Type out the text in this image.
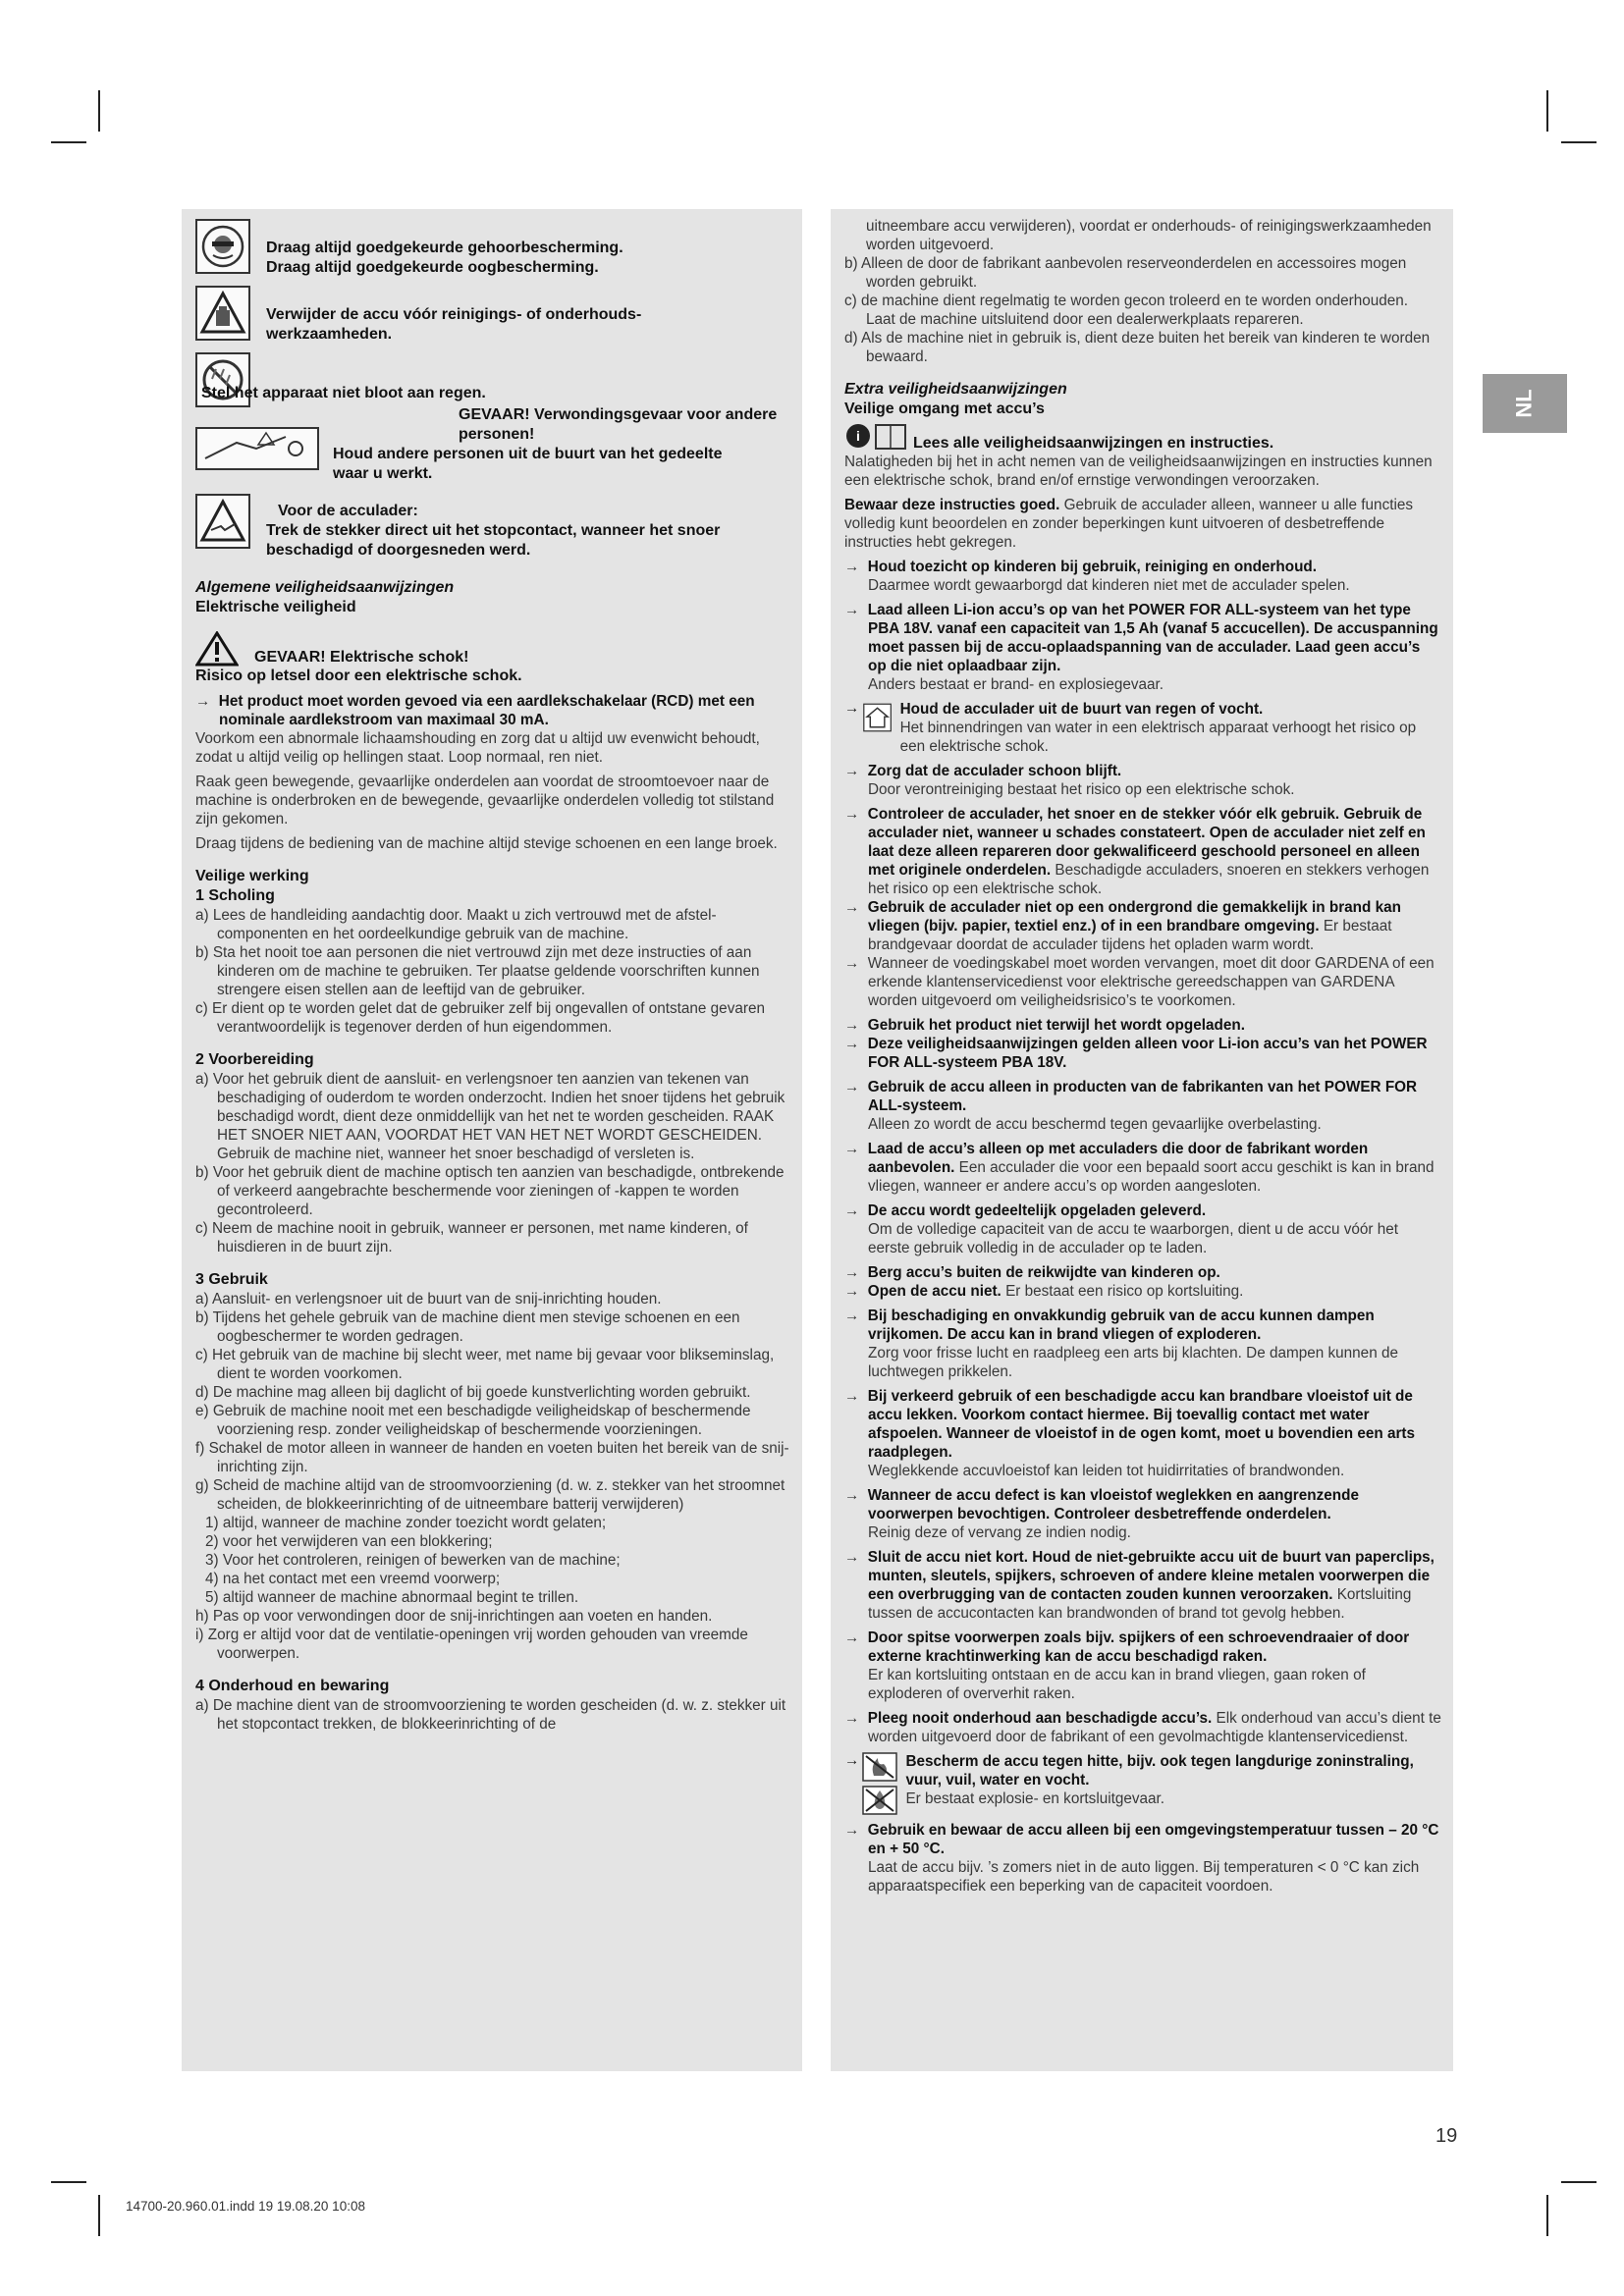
NL
Draag altijd goedgekeurde gehoorbescherming.
Draag altijd goedgekeurde oogbescherming.
Verwijder de accu vóór reinigings- of onderhouds-
werkzaamheden.
Stel het apparaat niet bloot aan regen.
GEVAAR! Verwondingsgevaar voor andere personen!
Houd andere personen uit de buurt van het gedeelte
waar u werkt.
Voor de acculader:
Trek de stekker direct uit het stopcontact, wanneer het snoer
beschadigd of doorgesneden werd.

Algemene veiligheidsaanwijzingen

Elektrische veiligheid

GEVAAR! Elektrische schok!

Risico op letsel door een elektrische schok.

→  Het product moet worden gevoed via een aardlekschakelaar (RCD) met een nominale aardlekstroom van maximaal 30 mA.

Voorkom een abnormale lichaamshouding en zorg dat u altijd uw evenwicht behoudt, zodat u altijd veilig op hellingen staat. Loop normaal, ren niet.

Raak geen bewegende, gevaarlijke onderdelen aan voordat de stroomtoevoer naar de machine is onderbroken en de bewegende, gevaarlijke onderdelen volledig tot stilstand zijn gekomen.

Draag tijdens de bediening van de machine altijd stevige schoenen en een lange broek.

Veilige werking

1 Scholing

a) Lees de handleiding aandachtig door. Maakt u zich vertrouwd met de afstelcomponenten en het oordeelkundige gebruik van de machine.

b) Sta het nooit toe aan personen die niet vertrouwd zijn met deze instructies of aan kinderen om de machine te gebruiken. Ter plaatse geldende voorschriften kunnen strengere eisen stellen aan de leeftijd van de gebruiker.

c) Er dient op te worden gelet dat de gebruiker zelf bij ongevallen of ontstane gevaren verantwoordelijk is tegenover derden of hun eigendommen.

2 Voorbereiding

a) Voor het gebruik dient de aansluit- en verlengsnoer ten aanzien van tekenen van beschadiging of ouderdom te worden onderzocht. Indien het snoer tijdens het gebruik beschadigd wordt, dient deze onmiddellijk van het net te worden gescheiden. RAAK HET SNOER NIET AAN, VOORDAT HET VAN HET NET WORDT GESCHEIDEN. Gebruik de machine niet, wanneer het snoer beschadigd of versleten is.

b) Voor het gebruik dient de machine optisch ten aanzien van beschadigde, ontbrekende of verkeerd aangebrachte beschermende voor zieningen of -kappen te worden gecontroleerd.

c) Neem de machine nooit in gebruik, wanneer er personen, met name kinderen, of huisdieren in de buurt zijn.

3 Gebruik

a) Aansluit- en verlengsnoer uit de buurt van de snij-inrichting houden.

b) Tijdens het gehele gebruik van de machine dient men stevige schoenen en een oogbeschermer te worden gedragen.

c) Het gebruik van de machine bij slecht weer, met name bij gevaar voor blikseminslag, dient te worden voorkomen.

d) De machine mag alleen bij daglicht of bij goede kunstverlichting worden gebruikt.

e) Gebruik de machine nooit met een beschadigde veiligheidskap of beschermende voorziening resp. zonder veiligheidskap of beschermende voorzieningen.

f) Schakel de motor alleen in wanneer de handen en voeten buiten het bereik van de snij-inrichting zijn.

g) Scheid de machine altijd van de stroomvoorziening (d. w. z. stekker van het stroomnet scheiden, de blokkeerinrichting of de uitneembare batterij verwijderen)

1) altijd, wanneer de machine zonder toezicht wordt gelaten;

2) voor het verwijderen van een blokkering;

3) Voor het controleren, reinigen of bewerken van de machine;

4) na het contact met een vreemd voorwerp;

5) altijd wanneer de machine abnormaal begint te trillen.

h) Pas op voor verwondingen door de snij-inrichtingen aan voeten en handen.

i) Zorg er altijd voor dat de ventilatie-openingen vrij worden gehouden van vreemde voorwerpen.

4 Onderhoud en bewaring

a) De machine dient van de stroomvoorziening te worden gescheiden (d. w. z. stekker uit het stopcontact trekken, de blokkeerinrichting of de

uitneembare accu verwijderen), voordat er onderhouds- of reinigingswerkzaamheden worden uitgevoerd.

b) Alleen de door de fabrikant aanbevolen reserveonderdelen en accessoires mogen worden gebruikt.

c) de machine dient regelmatig te worden gecon troleerd en te worden onderhouden. Laat de machine uitsluitend door een dealerwerkplaats repareren.

d) Als de machine niet in gebruik is, dient deze buiten het bereik van kinderen te worden bewaard.

Extra veiligheidsaanwijzingen

Veilige omgang met accu’s

i	Lees alle veiligheidsaanwijzingen en instructies.

Nalatigheden bij het in acht nemen van de veiligheidsaanwijzingen en instructies kunnen een elektrische schok, brand en/of ernstige verwondingen veroorzaken.

Bewaar deze instructies goed. Gebruik de acculader alleen, wanneer u alle functies volledig kunt beoordelen en zonder beperkingen kunt uitvoeren of desbetreffende instructies hebt gekregen.

→  Houd toezicht op kinderen bij gebruik, reiniging en onderhoud.
Daarmee wordt gewaarborgd dat kinderen niet met de acculader spelen.

→  Laad alleen Li-ion accu’s op van het POWER FOR ALL-systeem van het type PBA 18V. vanaf een capaciteit van 1,5 Ah (vanaf 5 accucellen). De accuspanning moet passen bij de accu-oplaadspanning van de acculader. Laad geen accu’s op die niet oplaadbaar zijn.
Anders bestaat er brand- en explosiegevaar.

→	Houd de acculader uit de buurt van regen of vocht.

Het binnendringen van water in een elektrisch apparaat verhoogt het risico op een elektrische schok.

→  Zorg dat de acculader schoon blijft.
Door verontreiniging bestaat het risico op een elektrische schok.

→  Controleer de acculader, het snoer en de stekker vóór elk gebruik. Gebruik de acculader niet, wanneer u schades constateert. Open de acculader niet zelf en laat deze alleen repareren door gekwalificeerd geschoold personeel en alleen met originele onderdelen. Beschadigde acculaders, snoeren en stekkers verhogen het risico op een elektrische schok.

→  Gebruik de acculader niet op een ondergrond die gemakkelijk in brand kan vliegen (bijv. papier, textiel enz.) of in een brandbare omgeving. Er bestaat brandgevaar doordat de acculader tijdens het opladen warm wordt.

→  Wanneer de voedingskabel moet worden vervangen, moet dit door GARDENA of een erkende klantenservicedienst voor elektrische gereedschappen van GARDENA worden uitgevoerd om veiligheidsrisico’s te voorkomen.

→  Gebruik het product niet terwijl het wordt opgeladen.

→  Deze veiligheidsaanwijzingen gelden alleen voor Li-ion accu’s van het POWER FOR ALL-systeem PBA 18V.

→  Gebruik de accu alleen in producten van de fabrikanten van het POWER FOR ALL-systeem.
Alleen zo wordt de accu beschermd tegen gevaarlijke overbelasting.

→  Laad de accu’s alleen op met acculaders die door de fabrikant worden aanbevolen. Een acculader die voor een bepaald soort accu geschikt is kan in brand vliegen, wanneer er andere accu’s op worden aangesloten.

→  De accu wordt gedeeltelijk opgeladen geleverd.
Om de volledige capaciteit van de accu te waarborgen, dient u de accu vóór het eerste gebruik volledig in de acculader op te laden.

→  Berg accu’s buiten de reikwijdte van kinderen op.

→  Open de accu niet. Er bestaat een risico op kortsluiting.

→  Bij beschadiging en onvakkundig gebruik van de accu kunnen dampen vrijkomen. De accu kan in brand vliegen of exploderen.
Zorg voor frisse lucht en raadpleeg een arts bij klachten. De dampen kunnen de luchtwegen prikkelen.

→  Bij verkeerd gebruik of een beschadigde accu kan brandbare vloeistof uit de accu lekken. Voorkom contact hiermee. Bij toevallig contact met water afspoelen. Wanneer de vloeistof in de ogen komt, moet u bovendien een arts raadplegen.
Weglekkende accuvloeistof kan leiden tot huidirritaties of brandwonden.

→  Wanneer de accu defect is kan vloeistof weglekken en aangrenzende voorwerpen bevochtigen. Controleer desbetreffende onderdelen.
Reinig deze of vervang ze indien nodig.

→  Sluit de accu niet kort. Houd de niet-gebruikte accu uit de buurt van paperclips, munten, sleutels, spijkers, schroeven of andere kleine metalen voorwerpen die een overbrugging van de contacten zouden kunnen veroorzaken. Kortsluiting tussen de accucontacten kan brandwonden of brand tot gevolg hebben.

→  Door spitse voorwerpen zoals bijv. spijkers of een schroevendraaier of door externe krachtinwerking kan de accu beschadigd raken.
Er kan kortsluiting ontstaan en de accu kan in brand vliegen, gaan roken of exploderen of oververhit raken.

→  Pleeg nooit onderhoud aan beschadigde accu’s. Elk onderhoud van accu’s dient te worden uitgevoerd door de fabrikant of een gevolmachtigde klantenservicedienst.

→	Bescherm de accu tegen hitte, bijv. ook tegen langdurige zoninstraling, vuur, vuil, water en vocht.

Er bestaat explosie- en kortsluitgevaar.

→  Gebruik en bewaar de accu alleen bij een omgevingstemperatuur tussen – 20 °C en + 50 °C.
Laat de accu bijv. ’s zomers niet in de auto liggen. Bij temperaturen < 0 °C kan zich apparaatspecifiek een beperking van de capaciteit voordoen.

19
14700-20.960.01.indd 19 19.08.20 10:08
